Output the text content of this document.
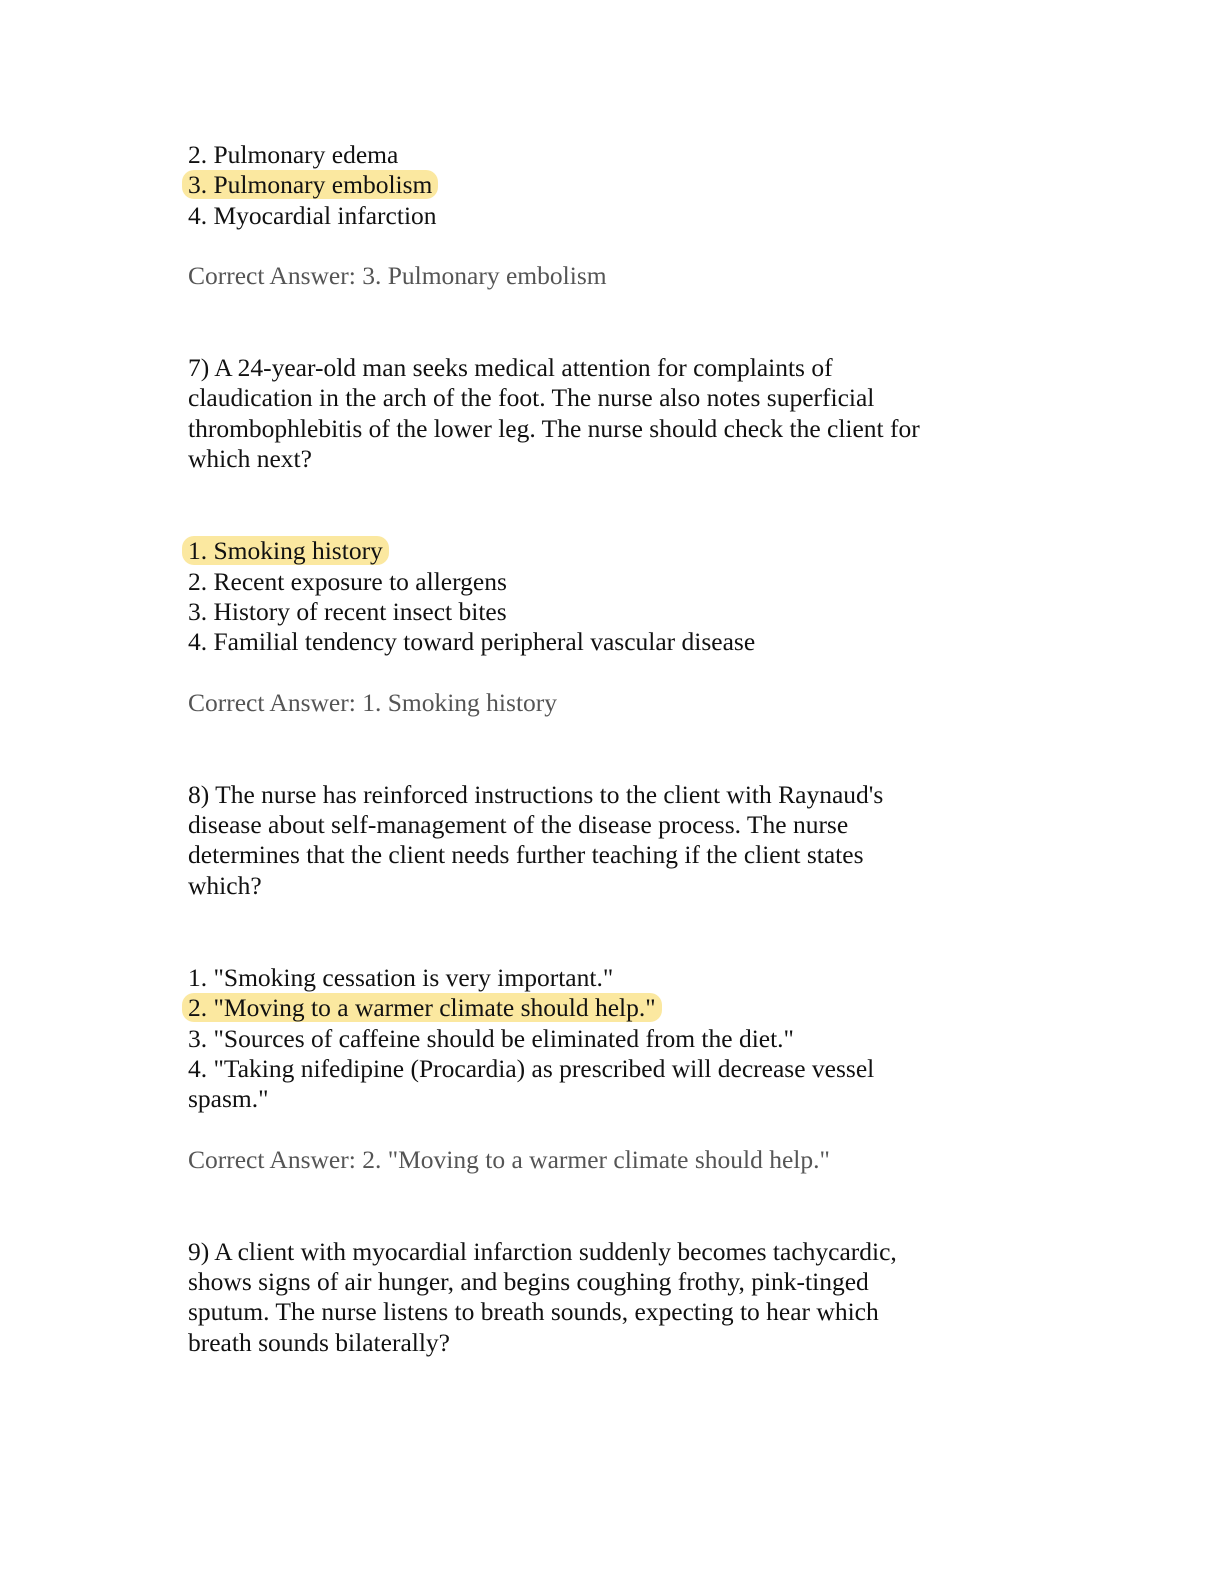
2. Pulmonary edema
3. Pulmonary embolism
4. Myocardial infarction
Correct Answer: 3. Pulmonary embolism
7) A 24-year-old man seeks medical attention for complaints of
claudication in the arch of the foot. The nurse also notes superficial
thrombophlebitis of the lower leg. The nurse should check the client for
which next?
1. Smoking history
2. Recent exposure to allergens
3. History of recent insect bites
4. Familial tendency toward peripheral vascular disease
Correct Answer: 1. Smoking history
8) The nurse has reinforced instructions to the client with Raynaud's
disease about self-management of the disease process. The nurse
determines that the client needs further teaching if the client states
which?
1. "Smoking cessation is very important."
2. "Moving to a warmer climate should help."
3. "Sources of caffeine should be eliminated from the diet."
4. "Taking nifedipine (Procardia) as prescribed will decrease vessel
spasm."
Correct Answer: 2. "Moving to a warmer climate should help."
9) A client with myocardial infarction suddenly becomes tachycardic,
shows signs of air hunger, and begins coughing frothy, pink-tinged
sputum. The nurse listens to breath sounds, expecting to hear which
breath sounds bilaterally?
